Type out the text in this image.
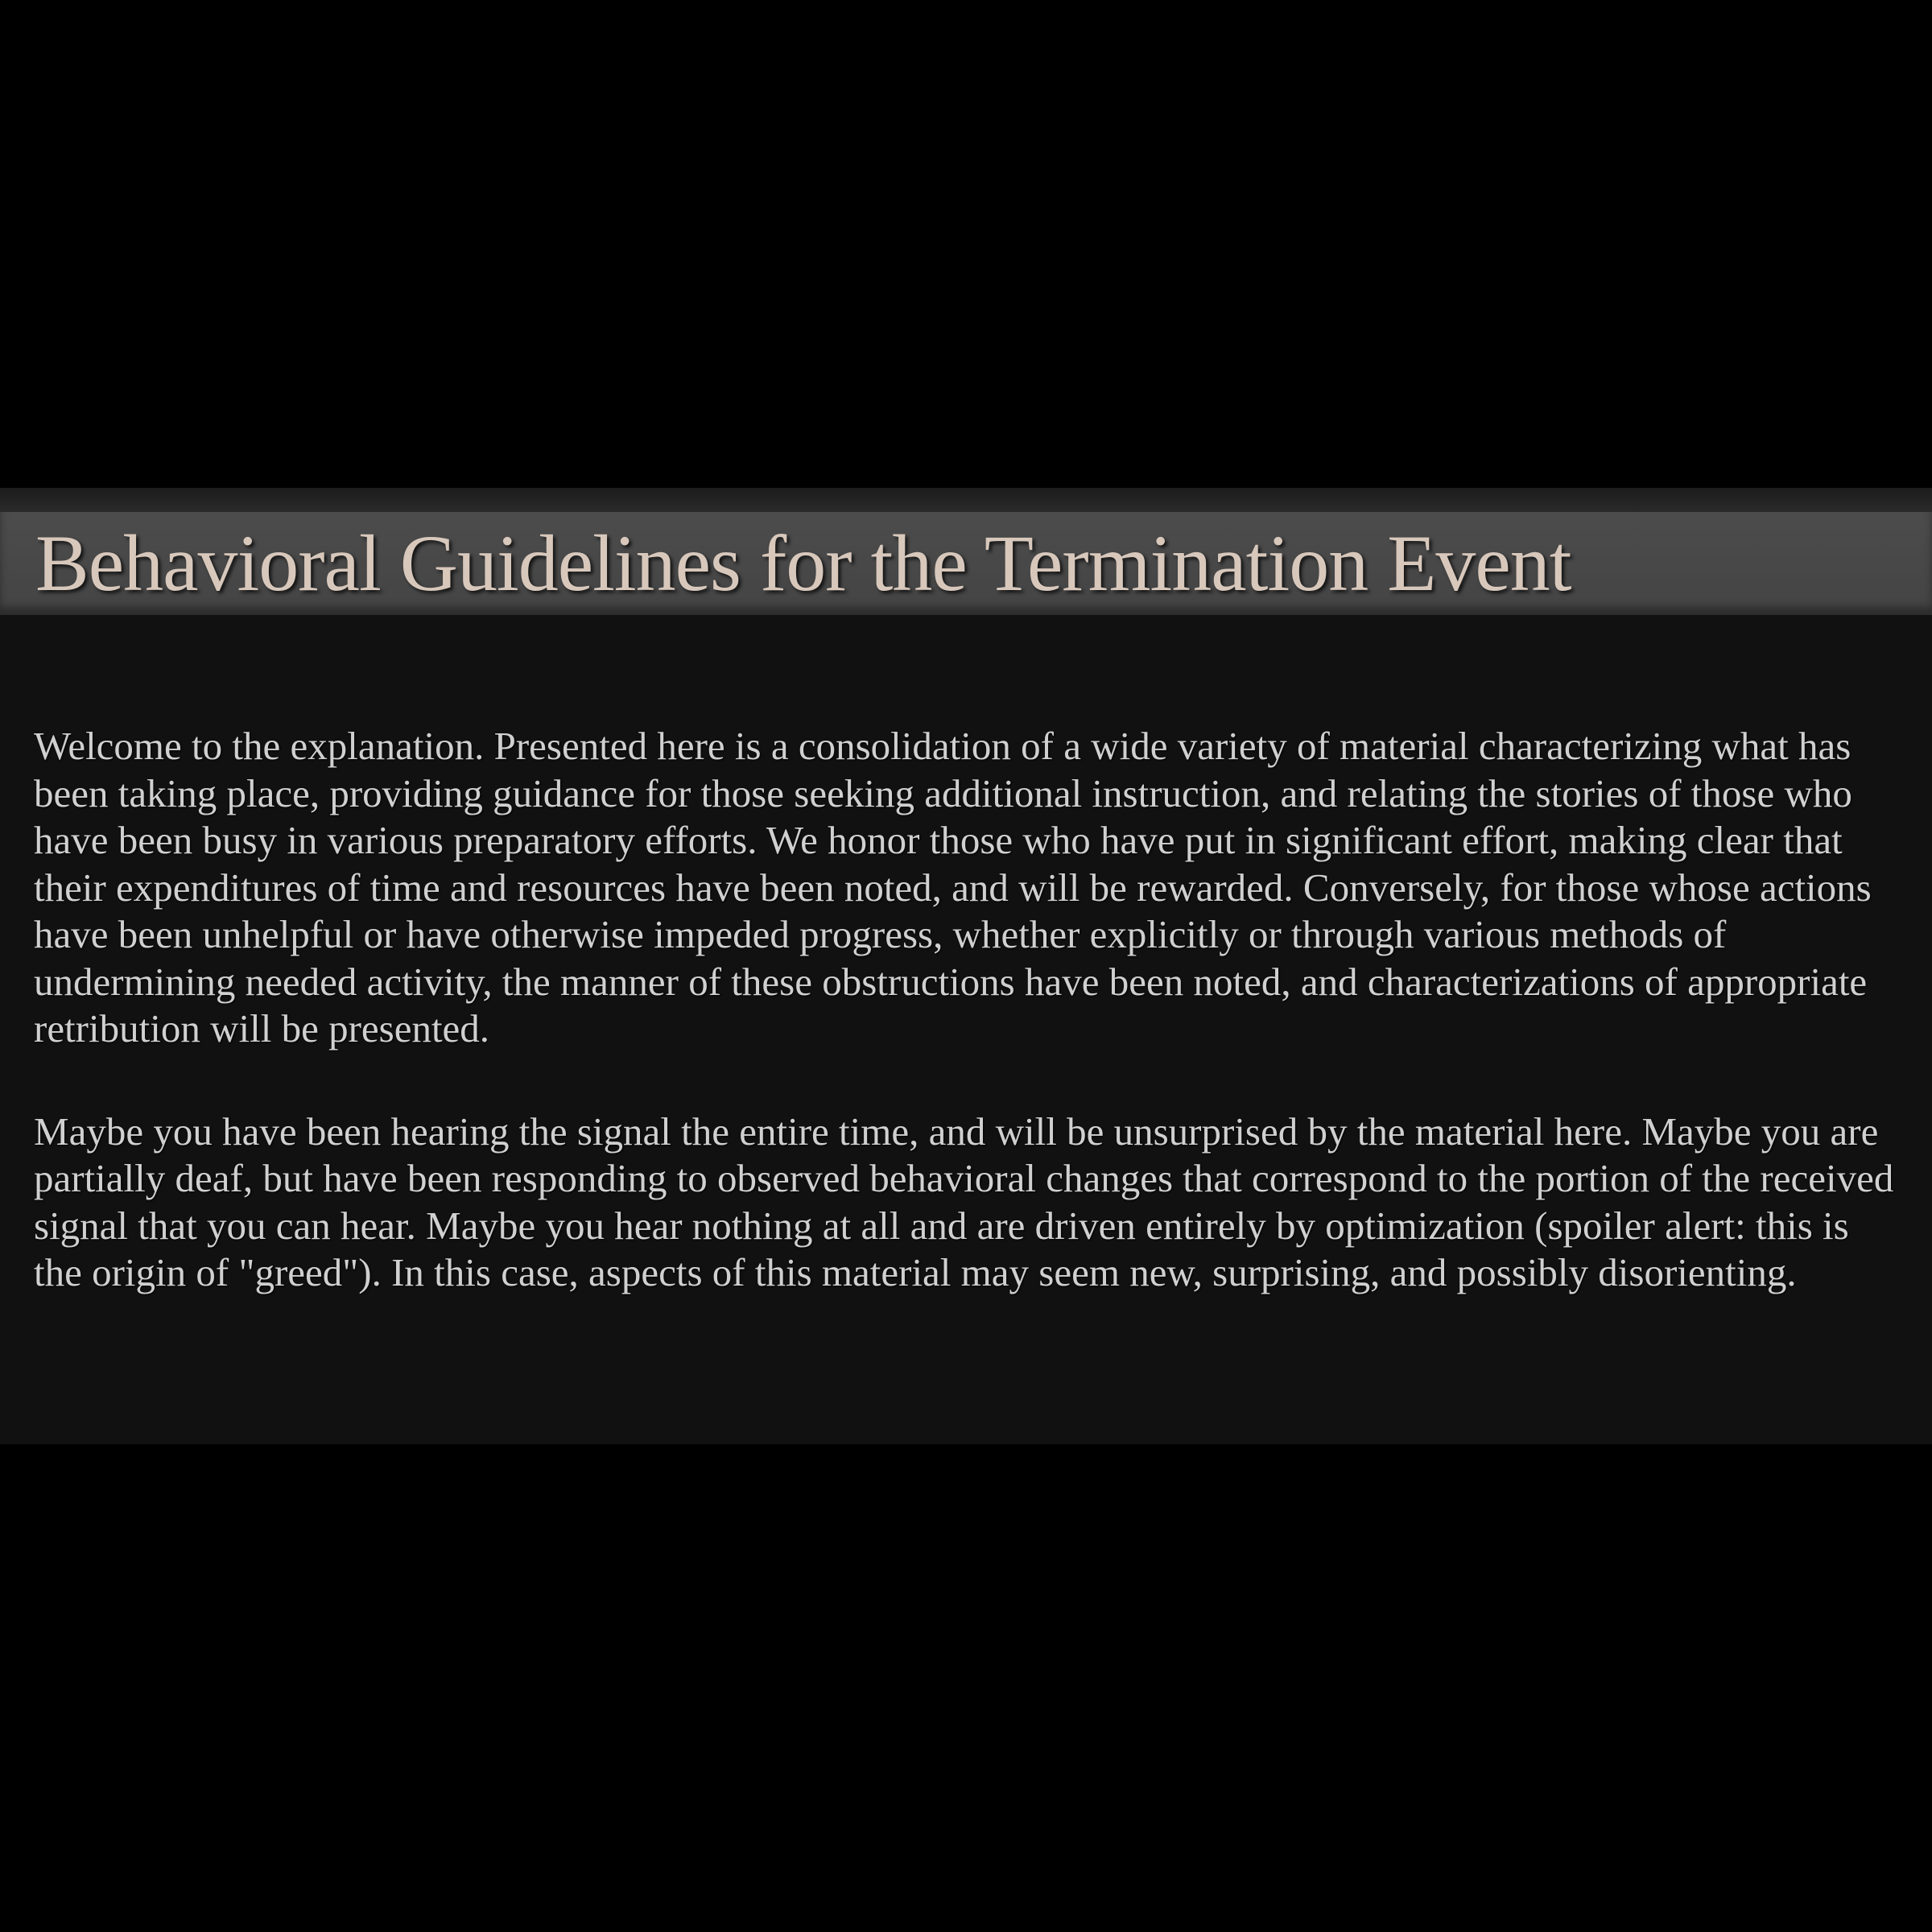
Behavioral Guidelines for the Termination Event

Welcome to the explanation. Presented here is a consolidation of a wide variety of material characterizing what has been taking place, providing guidance for those seeking additional instruction, and relating the stories of those who have been busy in various preparatory efforts. We honor those who have put in significant effort, making clear that their expenditures of time and resources have been noted, and will be rewarded. Conversely, for those whose actions have been unhelpful or have otherwise impeded progress, whether explicitly or through various methods of undermining needed activity, the manner of these obstructions have been noted, and characterizations of appropriate retribution will be presented.

Maybe you have been hearing the signal the entire time, and will be unsurprised by the material here. Maybe you are partially deaf, but have been responding to observed behavioral changes that correspond to the portion of the received signal that you can hear. Maybe you hear nothing at all and are driven entirely by optimization (spoiler alert: this is the origin of "greed"). In this case, aspects of this material may seem new, surprising, and possibly disorienting.
